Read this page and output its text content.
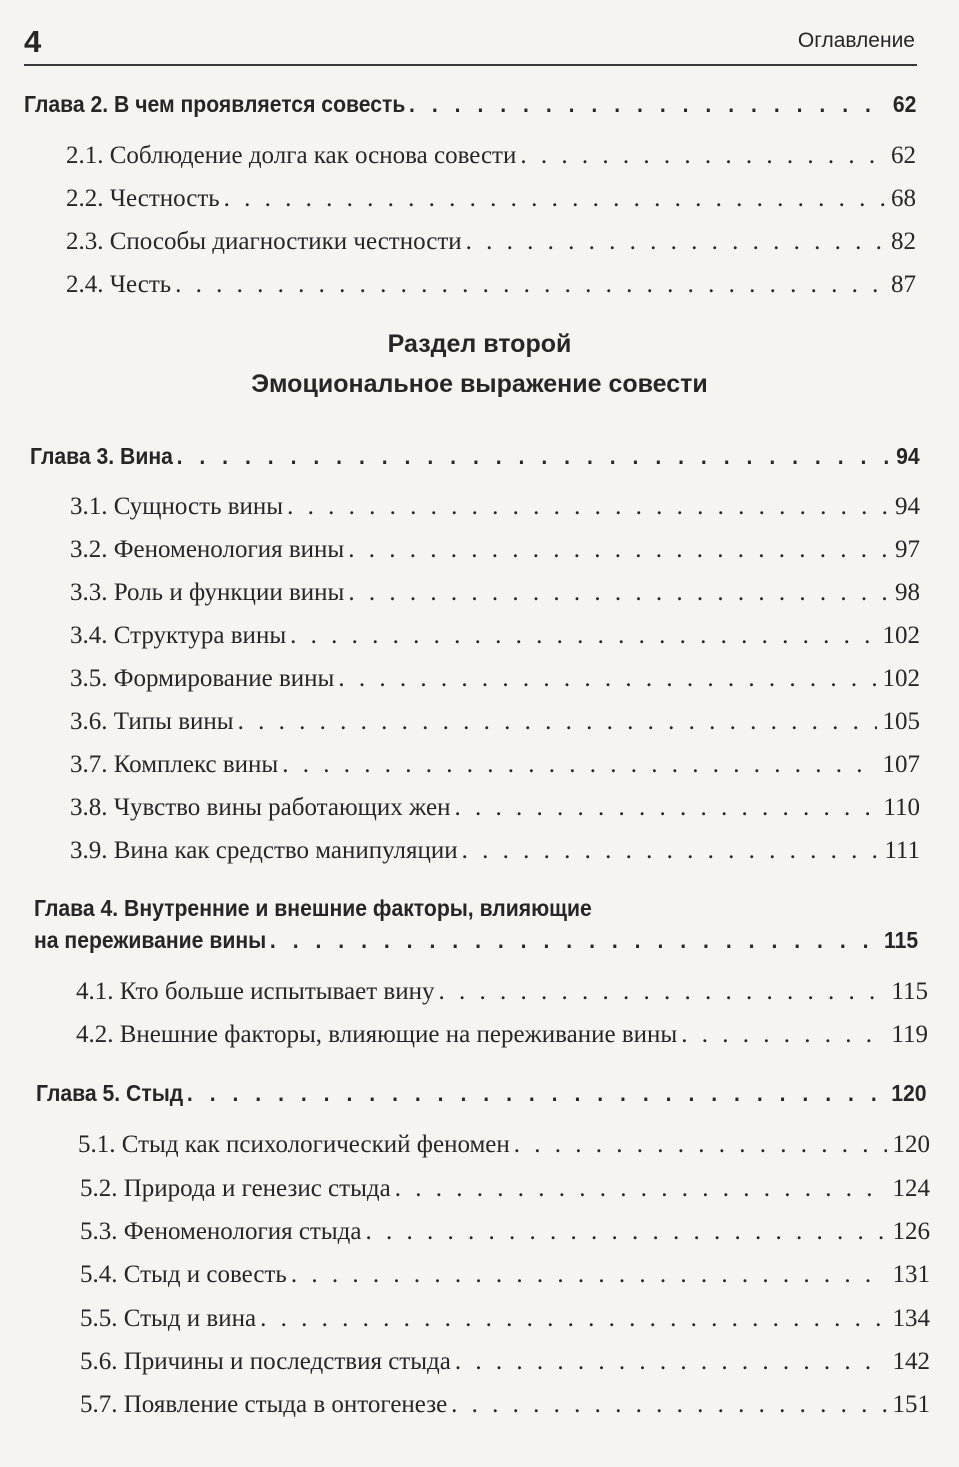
4	Оглавление
Глава 2. В чем проявляется совесть . . .	62
2.1. Соблюдение долга как основа совести . . .	62
2.2. Честность . . .	68
2.3. Способы диагностики честности . . .	82
2.4. Честь . . .	87
Раздел второй
Эмоциональное выражение совести
Глава 3. Вина . . .	94
3.1. Сущность вины . . .	94
3.2. Феноменология вины . . .	97
3.3. Роль и функции вины . . .	98
3.4. Структура вины . . .	102
3.5. Формирование вины . . .	102
3.6. Типы вины . . .	105
3.7. Комплекс вины . . .	107
3.8. Чувство вины работающих жен . . .	110
3.9. Вина как средство манипуляции . . .	111
Глава 4. Внутренние и внешние факторы, влияющие
на переживание вины . . .	115
4.1. Кто больше испытывает вину . . .	115
4.2. Внешние факторы, влияющие на переживание вины . . .	119
Глава 5. Стыд . . .	120
5.1. Стыд как психологический феномен . . .	120
5.2. Природа и генезис стыда . . .	124
5.3. Феноменология стыда . . .	126
5.4. Стыд и совесть . . .	131
5.5. Стыд и вина . . .	134
5.6. Причины и последствия стыда . . .	142
5.7. Появление стыда в онтогенезе . . .	151
